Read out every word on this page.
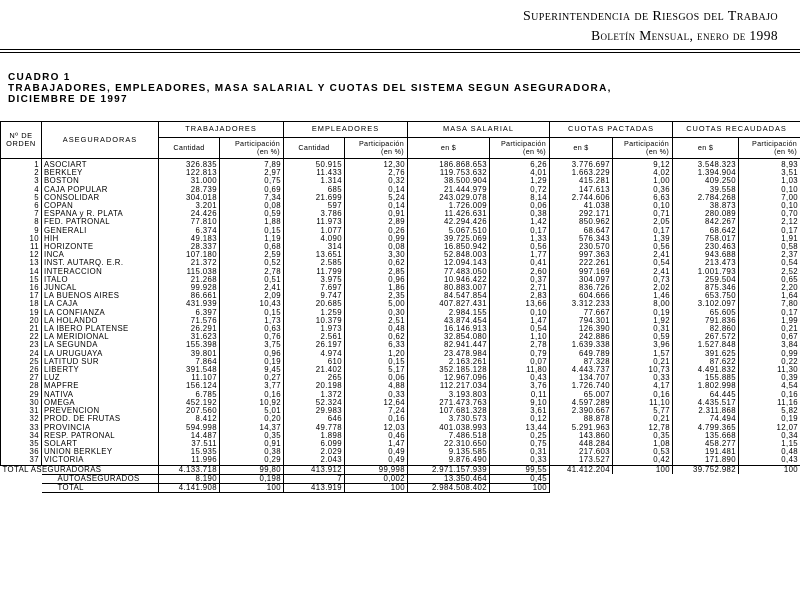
Superintendencia de Riesgos del Trabajo
Boletín Mensual, enero de 1998
CUADRO 1
TRABAJADORES, EMPLEADORES, MASA SALARIAL Y CUOTAS DEL SISTEMA SEGUN ASEGURADORA,
DICIEMBRE DE 1997
Nº DE ORDEN	ASEGURADORAS	TRABAJADORES		EMPLEADORES		MASA SALARIAL		CUOTAS PACTADAS		CUOTAS RECAUDADAS	
		Cantidad	Participación (en %)	Cantidad	Participación (en %)	en $	Participación (en %)	en $	Participación (en %)	en $	Participación (en %)
1	ASOCIART	326.835	7,89	50.915	12,30	186.868.653	6,26	3.776.697	9,12	3.548.323	8,93
2	BERKLEY	122.813	2,97	11.433	2,76	119.753.632	4,01	1.663.229	4,02	1.394.904	3,51
3	BOSTON	31.000	0,75	1.314	0,32	38.500.904	1,29	415.281	1,00	409.250	1,03
4	CAJA POPULAR	28.739	0,69	685	0,14	21.444.979	0,72	147.613	0,36	39.558	0,10
5	CONSOLIDAR	304.018	7,34	21.699	5,24	243.029.078	8,14	2.744.606	6,63	2.784.268	7,00
6	COPAN	3.201	0,08	597	0,14	1.726.009	0,06	41.038	0,10	38.873	0,10
7	ESPAÑA y R. PLATA	24.426	0,59	3.786	0,91	11.426.631	0,38	292.171	0,71	280.089	0,70
8	FED. PATRONAL	77.810	1,88	11.973	2,89	42.294.426	1,42	850.962	2,05	842.267	2,12
9	GENERALI	6.374	0,15	1.077	0,26	5.067.510	0,17	68.647	0,17	68.642	0,17
10	HIH	49.183	1,19	4.090	0,99	39.725.069	1,33	576.343	1,39	758.017	1,91
11	HORIZONTE	28.337	0,68	314	0,08	16.850.942	0,56	230.570	0,56	230.463	0,58
12	INCA	107.180	2,59	13.651	3,30	52.848.003	1,77	997.363	2,41	943.688	2,37
13	INST. AUTARQ. E.R.	21.372	0,52	2.585	0,62	12.094.143	0,41	222.261	0,54	213.473	0,54
14	INTERACCION	115.038	2,78	11.799	2,85	77.483.050	2,60	997.169	2,41	1.001.793	2,52
15	ITALO	21.268	0,51	3.975	0,96	10.946.422	0,37	304.097	0,73	259.504	0,65
16	JUNCAL	99.928	2,41	7.697	1,86	80.883.007	2,71	836.726	2,02	875.346	2,20
17	LA BUENOS AIRES	86.661	2,09	9.747	2,35	84.547.854	2,83	604.666	1,46	653.750	1,64
18	LA CAJA	431.939	10,43	20.685	5,00	407.827.431	13,66	3.312.233	8,00	3.102.097	7,80
19	LA CONFIANZA	6.397	0,15	1.259	0,30	2.984.155	0,10	77.667	0,19	65.605	0,17
20	LA HOLANDO	71.576	1,73	10.379	2,51	43.874.454	1,47	794.301	1,92	791.836	1,99
21	LA IBERO PLATENSE	26.291	0,63	1.973	0,48	16.146.913	0,54	126.390	0,31	82.860	0,21
22	LA MERIDIONAL	31.623	0,76	2.561	0,62	32.854.080	1,10	242.886	0,59	267.572	0,67
23	LA SEGUNDA	155.398	3,75	26.197	6,33	82.941.447	2,78	1.639.338	3,96	1.527.848	3,84
24	LA URUGUAYA	39.801	0,96	4.974	1,20	23.478.984	0,79	649.789	1,57	391.625	0,99
25	LATITUD SUR	7.864	0,19	610	0,15	2.163.261	0,07	87.328	0,21	87.622	0,22
26	LIBERTY	391.548	9,45	21.402	5,17	352.185.128	11,80	4.443.737	10,73	4.491.832	11,30
27	LUZ	11.107	0,27	265	0,06	12.967.096	0,43	134.707	0,33	155.885	0,39
28	MAPFRE	156.124	3,77	20.198	4,88	112.217.034	3,76	1.726.740	4,17	1.802.998	4,54
29	NATIVA	6.785	0,16	1.372	0,33	3.193.803	0,11	65.007	0,16	64.445	0,16
30	OMEGA	452.192	10,92	52.324	12,64	271.473.763	9,10	4.597.289	11,10	4.435.517	11,16
31	PREVENCION	207.560	5,01	29.983	7,24	107.681.328	3,61	2.390.667	5,77	2.311.868	5,82
32	PROD. DE FRUTAS	8.412	0,20	646	0,16	3.730.573	0,12	88.878	0,21	74.494	0,19
33	PROVINCIA	594.998	14,37	49.778	12,03	401.038.993	13,44	5.291.963	12,78	4.799.365	12,07
34	RESP. PATRONAL	14.487	0,35	1.898	0,46	7.486.518	0,25	143.860	0,35	135.668	0,34
35	SOLART	37.511	0,91	6.099	1,47	22.310.650	0,75	448.284	1,08	458.277	1,15
36	UNION BERKLEY	15.935	0,38	2.029	0,49	9.135.585	0,31	217.603	0,53	191.481	0,48
37	VICTORIA	11.996	0,29	2.043	0,49	9.876.490	0,33	173.527	0,42	171.890	0,43
TOTAL ASEGURADORAS		4.133.718	99,80	413.912	99,998	2.971.157.939	99,55	41.412.204	100	39.752.982	100
	AUTOASEGURADOS	8.190	0,198	7	0,002	13.350.464	0,45				
	TOTAL	4.141.908	100	413.919	100	2.984.508.402	100				
